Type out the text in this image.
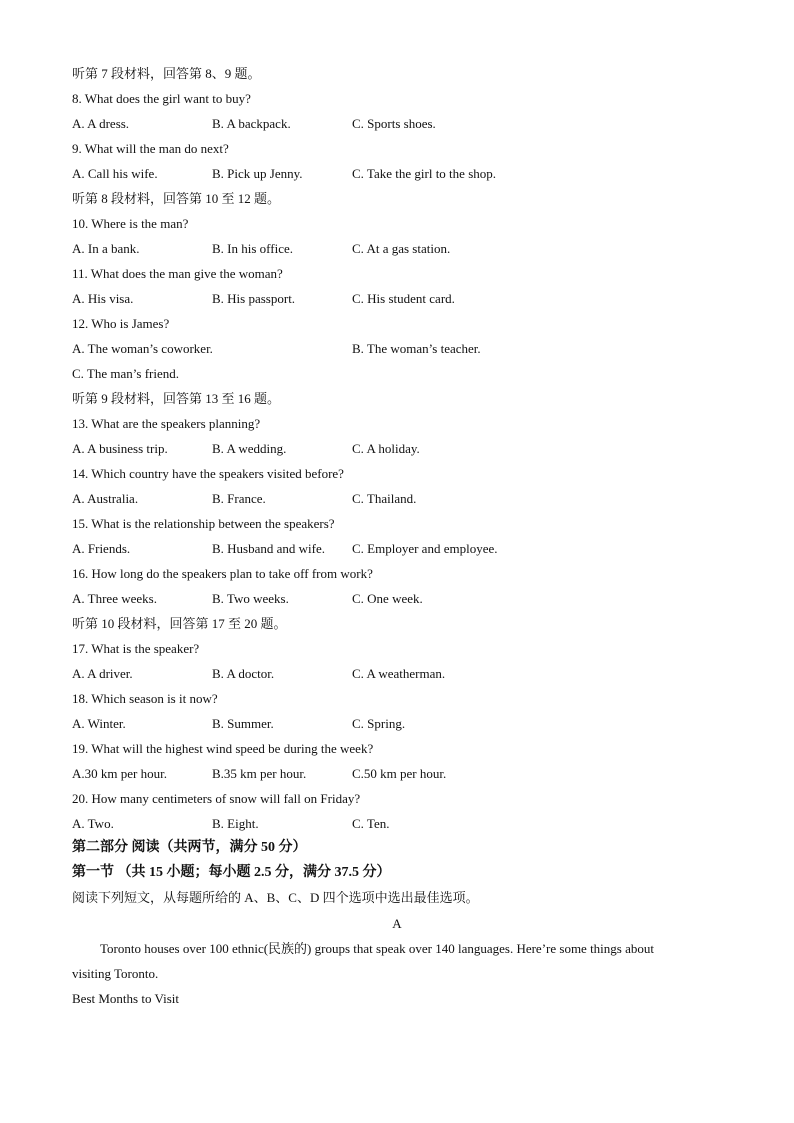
听第 7 段材料，回答第 8、9 题。
8. What does the girl want to buy?
A. A dress.	B. A backpack.	C. Sports shoes.
9. What will the man do next?
A. Call his wife.	B. Pick up Jenny.	C. Take the girl to the shop.
听第 8 段材料，回答第 10 至 12 题。
10. Where is the man?
A. In a bank.	B. In his office.	C. At a gas station.
11. What does the man give the woman?
A. His visa.	B. His passport.	C. His student card.
12. Who is James?
A. The woman’s coworker.	B. The woman’s teacher.
C. The man’s friend.
听第 9 段材料，回答第 13 至 16 题。
13. What are the speakers planning?
A. A business trip.	B. A wedding.	C. A holiday.
14. Which country have the speakers visited before?
A. Australia.	B. France.	C. Thailand.
15. What is the relationship between the speakers?
A. Friends.	B. Husband and wife. C. Employer and employee.
16. How long do the speakers plan to take off from work?
A. Three weeks.	B. Two weeks.	C. One week.
听第 10 段材料，回答第 17 至 20 题。
17. What is the speaker?
A. A driver.	B. A doctor.	C. A weatherman.
18. Which season is it now?
A. Winter.	B. Summer.	C. Spring.
19. What will the highest wind speed be during the week?
A.30 km per hour.	B.35 km per hour.	C.50 km per hour.
20. How many centimeters of snow will fall on Friday?
A. Two.	B. Eight.	C. Ten.
第二部分 阅读（共两节，满分 50 分）
第一节 （共 15 小题；每小题 2.5 分，满分 37.5 分）
阅读下列短文，从每题所给的 A、B、C、D 四个选项中选出最佳选项。
A
Toronto houses over 100 ethnic(民族的) groups that speak over 140 languages. Here’re some things about
visiting Toronto.
Best Months to Visit
